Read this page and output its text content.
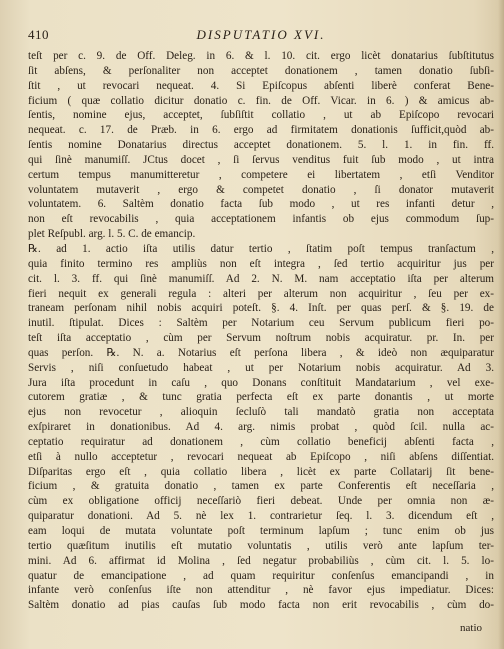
410	DISPUTATIO XVI.
teſt per c. 9. de Off. Deleg. in 6. & l. 10. cit. ergo licèt donatarius ſubſtitutus
ſit abſens, & perſonaliter non acceptet donationem , tamen donatio ſubſi-
ſtit , ut revocari nequeat. 4. Si Epiſcopus abſenti liberè conferat Bene-
ficium ( quæ collatio dicitur donatio c. fin. de Off. Vicar. in 6. ) & amicus ab-
ſentis, nomine ejus, acceptet, ſubſiſtit collatio , ut ab Epiſcopo revocari
nequeat. c. 17. de Præb. in 6. ergo ad firmitatem donationis ſufficit,quòd ab-
ſentis nomine Donatarius directus acceptet donationem. 5. l. 1. in fin. ff.
qui ſinè manumiſſ. JCtus docet , ſi ſervus venditus fuit ſub modo , ut intra
certum tempus manumitteretur , competere ei libertatem , etſi Venditor
voluntatem mutaverit , ergo & competet donatio , ſi donator mutaverit
voluntatem. 6. Saltèm donatio facta ſub modo , ut res infanti detur ,
non eſt revocabilis , quia acceptationem infantis ob ejus commodum ſup-
plet Reſpubl. arg. l. 5. C. de emancip.
℞. ad 1. actio iſta utilis datur tertio , ſtatim poſt tempus tranſactum ,
quia finito termino res ampliùs non eſt integra , ſed tertio acquiritur jus per
cit. l. 3. ff. qui ſinè manumiſſ. Ad 2. N. M. nam acceptatio iſta per alterum
fieri nequit ex generali regula : alteri per alterum non acquiritur , ſeu per ex-
traneam perſonam nihil nobis acquiri poteſt. §. 4. Inſt. per quas perſ. & §. 19. de
inutil. ſtipulat. Dices : Saltèm per Notarium ceu Servum publicum fieri po-
teſt iſta acceptatio , cùm per Servum noſtrum nobis acquiratur. pr. In. per
quas perſon. ℞. N. a. Notarius eſt perſona libera , & ideò non æquiparatur
Servis , niſi conſuetudo habeat , ut per Notarium nobis acquiratur. Ad 3.
Jura iſta procedunt in caſu , quo Donans conſtituit Mandatarium , vel exe-
cutorem gratiæ , & tunc gratia perfecta eſt ex parte donantis , ut morte
ejus non revocetur , alioquin ſecluſò tali mandatò gratia non acceptata
exſpiraret in donationibus. Ad 4. arg. nimis probat , quòd ſcil. nulla ac-
ceptatio requiratur ad donationem , cùm collatio beneficij abſenti facta ,
etſi à nullo acceptetur , revocari nequeat ab Epiſcopo , niſi abſens diſſentiat.
Diſparitas ergo eſt , quia collatio libera , licèt ex parte Collatarij ſit bene-
ficium , & gratuita donatio , tamen ex parte Conferentis eſt neceſſaria ,
cùm ex obligatione officij neceſſariò fieri debeat. Unde per omnia non æ-
quiparatur donationi. Ad 5. nè lex 1. contrarietur ſeq. l. 3. dicendum eſt ,
eam loqui de mutata voluntate poſt terminum lapſum ; tunc enim ob jus
tertio quæſitum inutilis eſt mutatio voluntatis , utilis verò ante lapſum ter-
mini. Ad 6. affirmat id Molina , ſed negatur probabiliùs , cùm cit. l. 5. lo-
quatur de emancipatione , ad quam requiritur conſenſus emancipandi , in
infante verò conſenſus iſte non attenditur , nè favor ejus impediatur. Dices:
Saltèm donatio ad pias cauſas ſub modo facta non erit revocabilis , cùm do-
natio
